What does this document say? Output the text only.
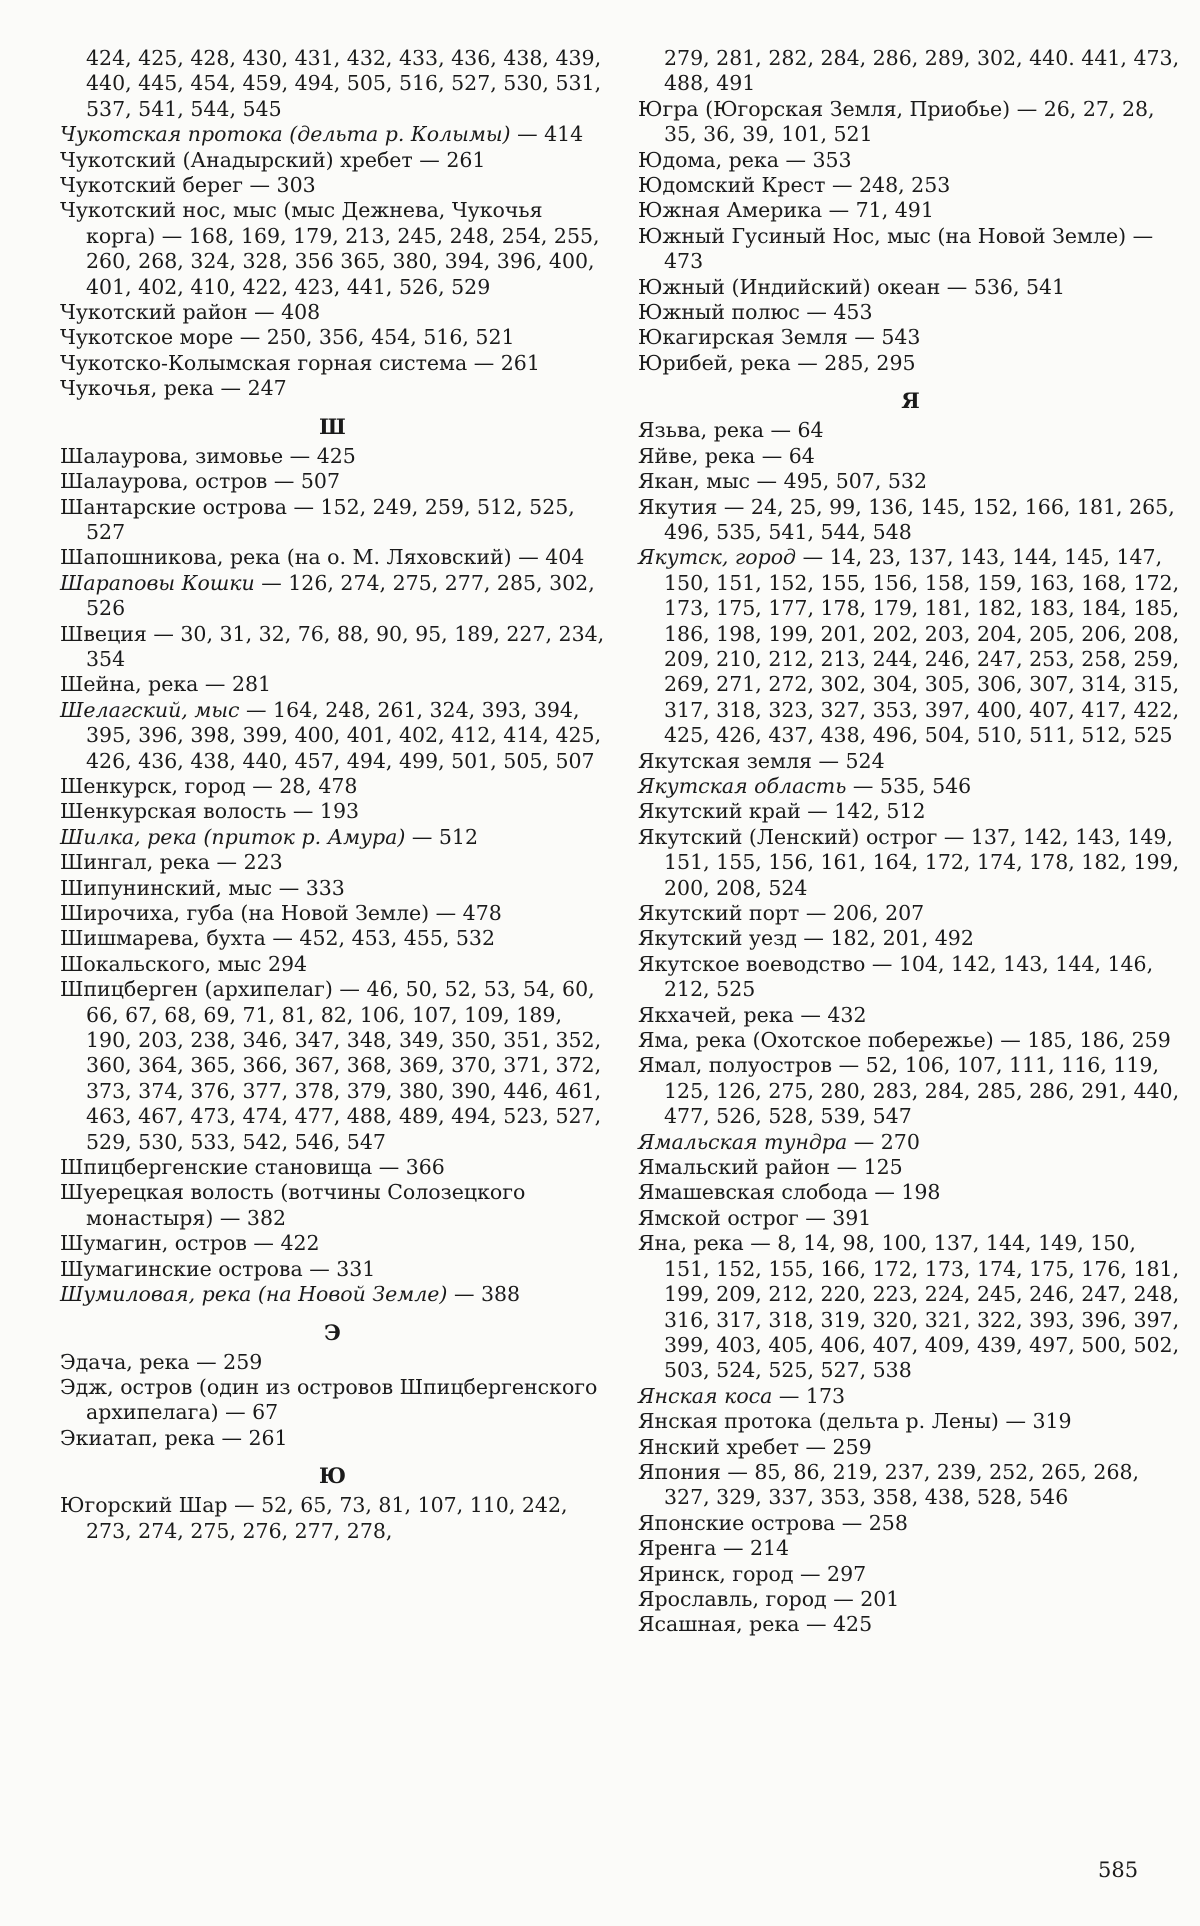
424, 425, 428, 430, 431, 432, 433, 436, 438, 439, 440, 445, 454, 459, 494, 505, 516, 527, 530, 531, 537, 541, 544, 545
Чукотская протока (дельта р. Колымы) — 414
Чукотский (Анадырский) хребет — 261
Чукотский берег — 303
Чукотский нос, мыс (мыс Дежнева, Чукочья корга) — 168, 169, 179, 213, 245, 248, 254, 255, 260, 268, 324, 328, 356 365, 380, 394, 396, 400, 401, 402, 410, 422, 423, 441, 526, 529
Чукотский район — 408
Чукотское море — 250, 356, 454, 516, 521
Чукотско-Колымская горная система — 261
Чукочья, река — 247
Ш
Шалаурова, зимовье — 425
Шалаурова, остров — 507
Шантарские острова — 152, 249, 259, 512, 525, 527
Шапошникова, река (на о. М. Ляховский) — 404
Шараповы Кошки — 126, 274, 275, 277, 285, 302, 526
Швеция — 30, 31, 32, 76, 88, 90, 95, 189, 227, 234, 354
Шейна, река — 281
Шелагский, мыс — 164, 248, 261, 324, 393, 394, 395, 396, 398, 399, 400, 401, 402, 412, 414, 425, 426, 436, 438, 440, 457, 494, 499, 501, 505, 507
Шенкурск, город — 28, 478
Шенкурская волость — 193
Шилка, река (приток р. Амура) — 512
Шингал, река — 223
Шипунинский, мыс — 333
Широчиха, губа (на Новой Земле) — 478
Шишмарева, бухта — 452, 453, 455, 532
Шокальского, мыс 294
Шпицберген (архипелаг) — 46, 50, 52, 53, 54, 60, 66, 67, 68, 69, 71, 81, 82, 106, 107, 109, 189, 190, 203, 238, 346, 347, 348, 349, 350, 351, 352, 360, 364, 365, 366, 367, 368, 369, 370, 371, 372, 373, 374, 376, 377, 378, 379, 380, 390, 446, 461, 463, 467, 473, 474, 477, 488, 489, 494, 523, 527, 529, 530, 533, 542, 546, 547
Шпицбергенские становища — 366
Шуерецкая волость (вотчины Солозецкого монастыря) — 382
Шумагин, остров — 422
Шумагинские острова — 331
Шумиловая, река (на Новой Земле) — 388
Э
Эдача, река — 259
Эдж, остров (один из островов Шпицбергенского архипелага) — 67
Экиатап, река — 261
Ю
Югорский Шар — 52, 65, 73, 81, 107, 110, 242, 273, 274, 275, 276, 277, 278,
279, 281, 282, 284, 286, 289, 302, 440. 441, 473, 488, 491
Югра (Югорская Земля, Приобье) — 26, 27, 28, 35, 36, 39, 101, 521
Юдома, река — 353
Юдомский Крест — 248, 253
Южная Америка — 71, 491
Южный Гусиный Нос, мыс (на Новой Земле) — 473
Южный (Индийский) океан — 536, 541
Южный полюс — 453
Юкагирская Земля — 543
Юрибей, река — 285, 295
Я
Язьва, река — 64
Яйве, река — 64
Якан, мыс — 495, 507, 532
Якутия — 24, 25, 99, 136, 145, 152, 166, 181, 265, 496, 535, 541, 544, 548
Якутск, город — 14, 23, 137, 143, 144, 145, 147, 150, 151, 152, 155, 156, 158, 159, 163, 168, 172, 173, 175, 177, 178, 179, 181, 182, 183, 184, 185, 186, 198, 199, 201, 202, 203, 204, 205, 206, 208, 209, 210, 212, 213, 244, 246, 247, 253, 258, 259, 269, 271, 272, 302, 304, 305, 306, 307, 314, 315, 317, 318, 323, 327, 353, 397, 400, 407, 417, 422, 425, 426, 437, 438, 496, 504, 510, 511, 512, 525
Якутская земля — 524
Якутская область — 535, 546
Якутский край — 142, 512
Якутский (Ленский) острог — 137, 142, 143, 149, 151, 155, 156, 161, 164, 172, 174, 178, 182, 199, 200, 208, 524
Якутский порт — 206, 207
Якутский уезд — 182, 201, 492
Якутское воеводство — 104, 142, 143, 144, 146, 212, 525
Якхачей, река — 432
Яма, река (Охотское побережье) — 185, 186, 259
Ямал, полуостров — 52, 106, 107, 111, 116, 119, 125, 126, 275, 280, 283, 284, 285, 286, 291, 440, 477, 526, 528, 539, 547
Ямальская тундра — 270
Ямальский район — 125
Ямашевская слобода — 198
Ямской острог — 391
Яна, река — 8, 14, 98, 100, 137, 144, 149, 150, 151, 152, 155, 166, 172, 173, 174, 175, 176, 181, 199, 209, 212, 220, 223, 224, 245, 246, 247, 248, 316, 317, 318, 319, 320, 321, 322, 393, 396, 397, 399, 403, 405, 406, 407, 409, 439, 497, 500, 502, 503, 524, 525, 527, 538
Янская коса — 173
Янская протока (дельта р. Лены) — 319
Янский хребет — 259
Япония — 85, 86, 219, 237, 239, 252, 265, 268, 327, 329, 337, 353, 358, 438, 528, 546
Японские острова — 258
Яренга — 214
Яринск, город — 297
Ярославль, город — 201
Ясашная, река — 425
585
